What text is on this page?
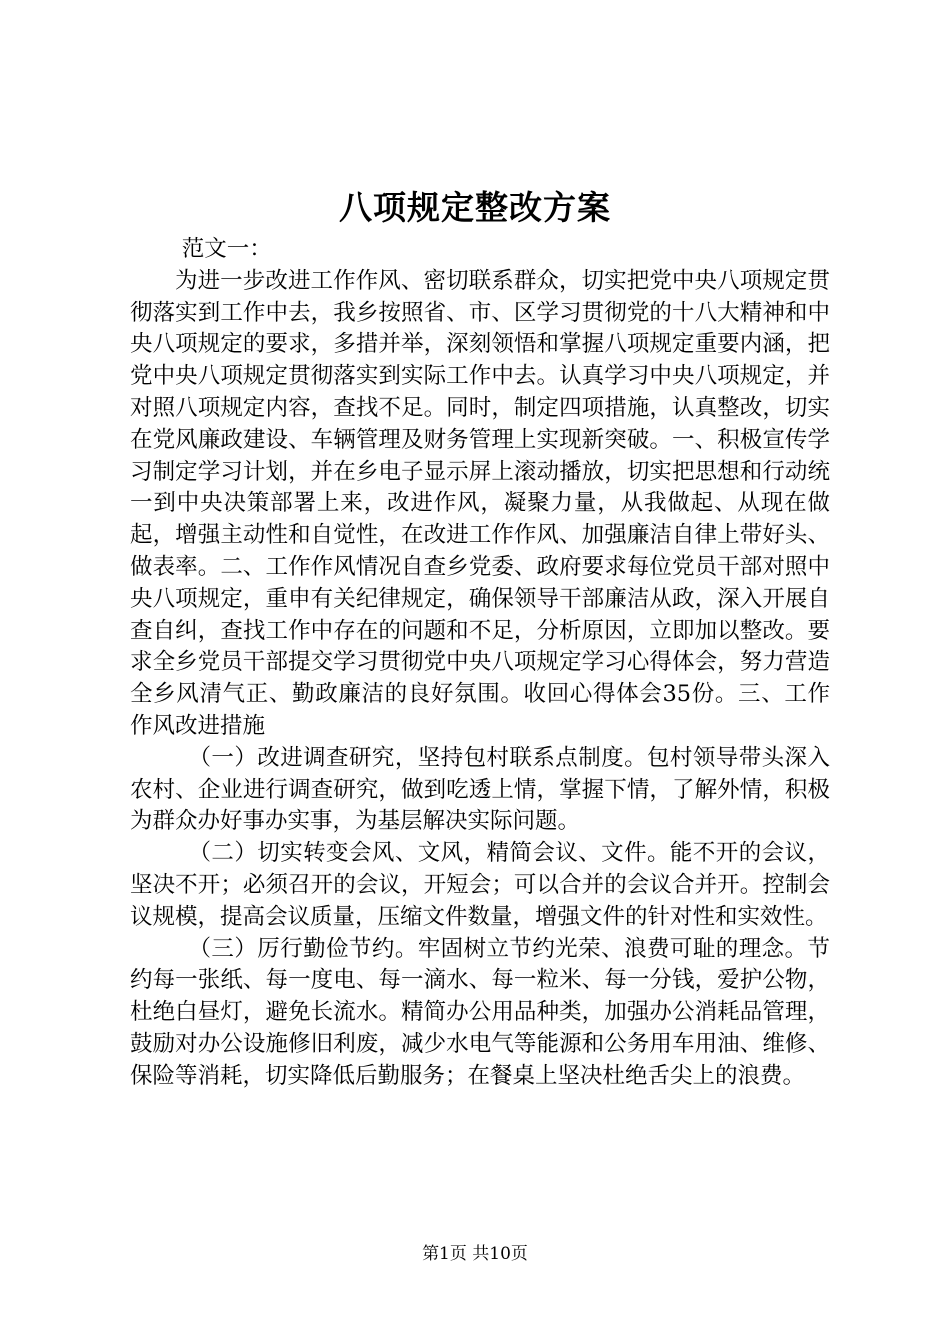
八项规定整改方案

范文一：

为进一步改进工作作风、密切联系群众，切实把党中央八项规定贯彻落实到工作中去，我乡按照省、市、区学习贯彻党的十八大精神和中央八项规定的要求，多措并举，深刻领悟和掌握八项规定重要内涵，把党中央八项规定贯彻落实到实际工作中去。认真学习中央八项规定，并对照八项规定内容，查找不足。同时，制定四项措施，认真整改，切实在党风廉政建设、车辆管理及财务管理上实现新突破。一、积极宣传学习制定学习计划，并在乡电子显示屏上滚动播放，切实把思想和行动统一到中央决策部署上来，改进作风，凝聚力量，从我做起、从现在做起，增强主动性和自觉性，在改进工作作风、加强廉洁自律上带好头、做表率。二、工作作风情况自查乡党委、政府要求每位党员干部对照中央八项规定，重申有关纪律规定，确保领导干部廉洁从政，深入开展自查自纠，查找工作中存在的问题和不足，分析原因，立即加以整改。要求全乡党员干部提交学习贯彻党中央八项规定学习心得体会，努力营造全乡风清气正、勤政廉洁的良好氛围。收回心得体会35份。三、工作作风改进措施

（一）改进调查研究，坚持包村联系点制度。包村领导带头深入农村、企业进行调查研究，做到吃透上情，掌握下情，了解外情，积极为群众办好事办实事，为基层解决实际问题。

（二）切实转变会风、文风，精简会议、文件。能不开的会议，坚决不开；必须召开的会议，开短会；可以合并的会议合并开。控制会议规模，提高会议质量，压缩文件数量，增强文件的针对性和实效性。

（三）厉行勤俭节约。牢固树立节约光荣、浪费可耻的理念。节约每一张纸、每一度电、每一滴水、每一粒米、每一分钱，爱护公物，杜绝白昼灯，避免长流水。精简办公用品种类，加强办公消耗品管理，鼓励对办公设施修旧利废，减少水电气等能源和公务用车用油、维修、保险等消耗，切实降低后勤服务；在餐桌上坚决杜绝舌尖上的浪费。

第1页 共10页
